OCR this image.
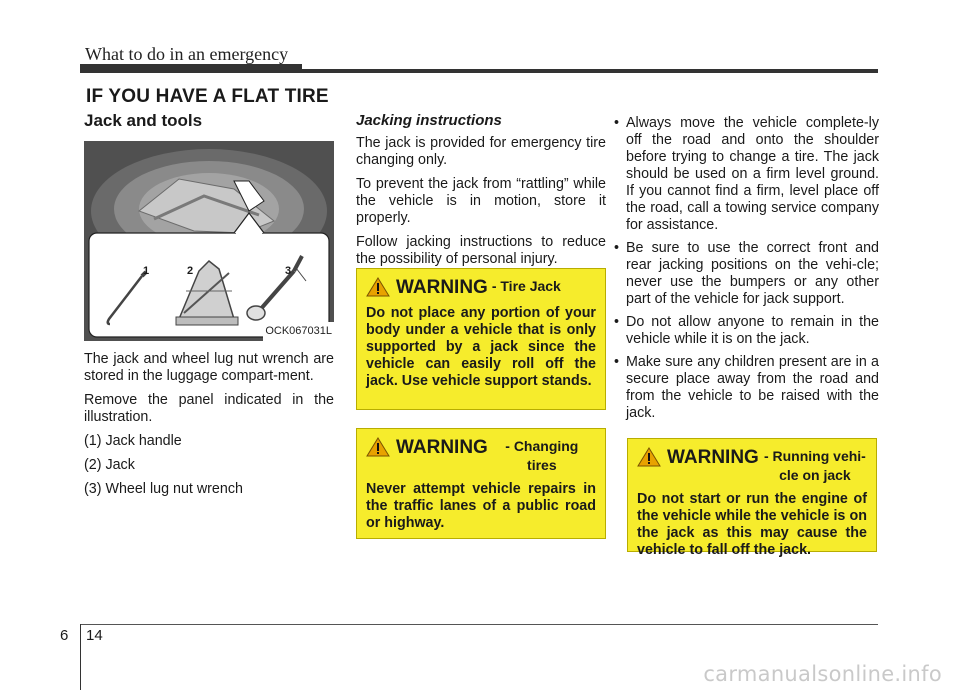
What to do in an emergency
IF YOU HAVE A FLAT TIRE
Jack and tools
1	2	3
OCK067031L

The jack and wheel lug nut wrench are stored in the luggage compart-ment.

Remove the panel indicated in the illustration.

(1) Jack handle

(2) Jack

(3) Wheel lug nut wrench

Jacking instructions

The jack is provided for emergency tire changing only.

To prevent the jack from “rattling” while the vehicle is in motion, store it properly.

Follow jacking instructions to reduce the possibility of personal injury.

• Always move the vehicle complete-ly off the road and onto the shoulder before trying to change a tire. The jack should be used on a firm level ground. If you cannot find a firm, level place off the road, call a towing service company for assistance.
• Be sure to use the correct front and rear jacking positions on the vehi-cle; never use the bumpers or any other part of the vehicle for jack support.
• Do not allow anyone to remain in the vehicle while it is on the jack.
• Make sure any children present are in a secure place away from the road and from the vehicle to be raised with the jack.
WARNING - Tire Jack
Do not place any portion of your body under a vehicle that is only supported by a jack since the vehicle can easily roll off the jack. Use vehicle support stands.
WARNING	- Changing tires
Never attempt vehicle repairs in the traffic lanes of a public road or highway.
WARNING - Running vehi-cle on jack
Do not start or run the engine of the vehicle while the vehicle is on the jack as this may cause the vehicle to fall off the jack.
6 14
carmanualsonline.info
